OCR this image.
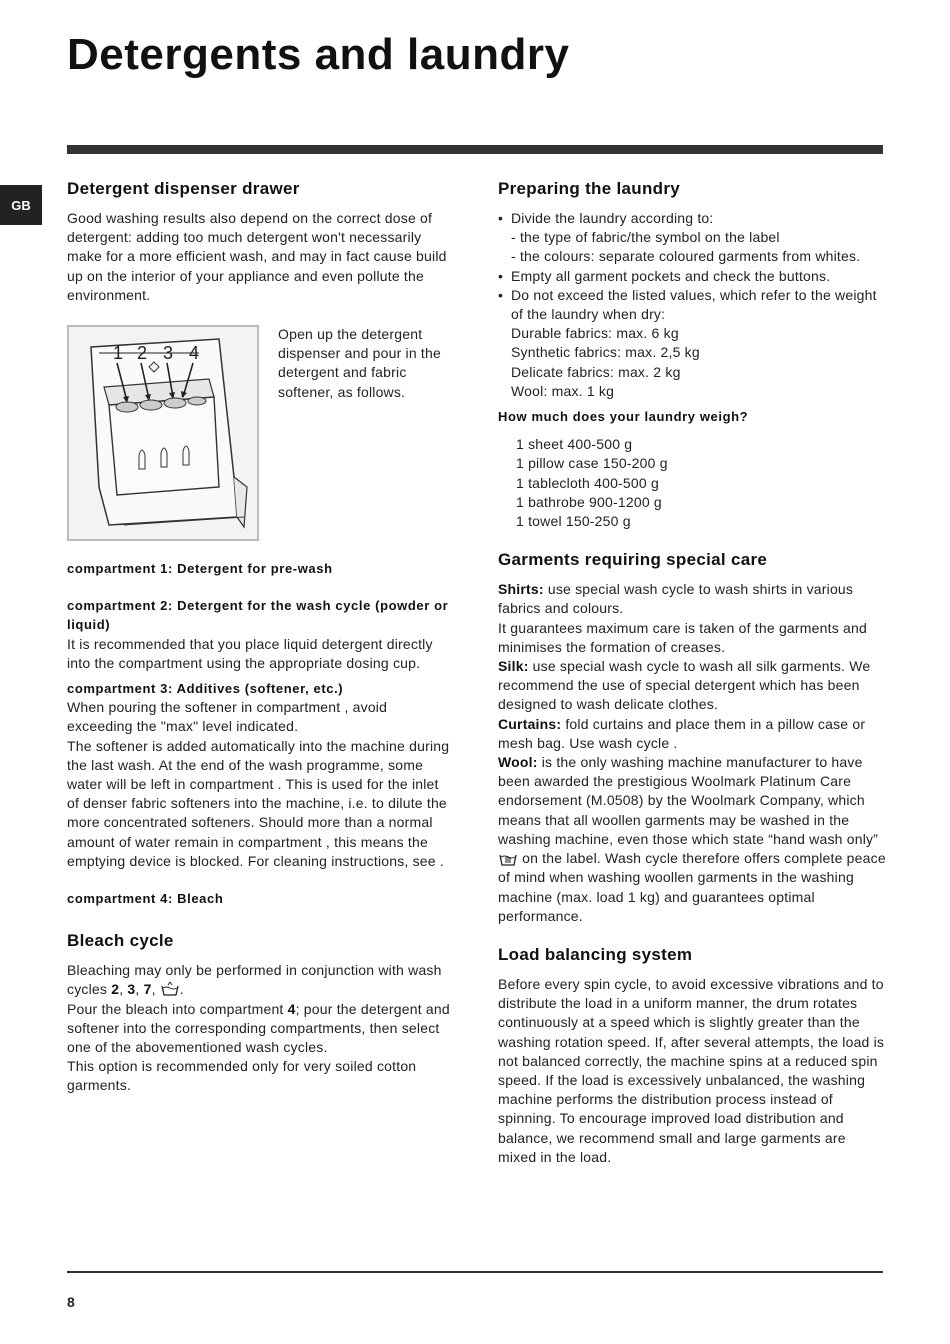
Detergents and laundry
GB
Detergent dispenser drawer

Good washing results also depend on the correct dose of detergent: adding too much detergent won't necessarily make for a more efficient wash, and may in fact cause build up on the interior of your appliance and even pollute the environment.

1 2 3 4

Open up the detergent dispenser and pour in the detergent and fabric softener, as follows.

compartment 1: Detergent for pre-wash

compartment 2: Detergent for the wash cycle (powder or liquid)

It is recommended that you place liquid detergent directly into the compartment using the appropriate dosing cup.

compartment 3: Additives (softener, etc.)

When pouring the softener in compartment , avoid exceeding the "max" level indicated.

The softener is added automatically into the machine during the last wash. At the end of the wash programme, some water will be left in compartment . This is used for the inlet of denser fabric softeners into the machine, i.e. to dilute the more concentrated softeners. Should more than a normal amount of water remain in compartment , this means the emptying device is blocked. For cleaning instructions, see .

compartment 4: Bleach

Bleach cycle

Bleaching may only be performed in conjunction with wash cycles 2, 3, 7, .

Pour the bleach into compartment 4; pour the detergent and softener into the corresponding compartments, then select one of the abovementioned wash cycles.

This option is recommended only for very soiled cotton garments.

Preparing the laundry
• Divide the laundry according to:
- the type of fabric/the symbol on the label
- the colours: separate coloured garments from whites.
• Empty all garment pockets and check the buttons.
• Do not exceed the listed values, which refer to the weight of the laundry when dry:
Durable fabrics: max. 6 kg
Synthetic fabrics: max. 2,5 kg
Delicate fabrics: max. 2 kg
Wool: max. 1 kg

How much does your laundry weigh?

1 sheet 400-500 g
1 pillow case 150-200 g
1 tablecloth 400-500 g
1 bathrobe 900-1200 g
1 towel 150-250 g
Garments requiring special care

Shirts: use special wash cycle to wash shirts in various fabrics and colours.

It guarantees maximum care is taken of the garments and minimises the formation of creases.

Silk: use special wash cycle to wash all silk garments. We recommend the use of special detergent which has been designed to wash delicate clothes.

Curtains: fold curtains and place them in a pillow case or mesh bag. Use wash cycle .

Wool: is the only washing machine manufacturer to have been awarded the prestigious Woolmark Platinum Care endorsement (M.0508) by the Woolmark Company, which means that all woollen garments may be washed in the washing machine, even those which state “hand wash only”  on the label. Wash cycle therefore offers complete peace of mind when washing woollen garments in the washing machine (max. load 1 kg) and guarantees optimal performance.

Load balancing system

Before every spin cycle, to avoid excessive vibrations and to distribute the load in a uniform manner, the drum rotates continuously at a speed which is slightly greater than the washing rotation speed. If, after several attempts, the load is not balanced correctly, the machine spins at a reduced spin speed. If the load is excessively unbalanced, the washing machine performs the distribution process instead of spinning. To encourage improved load distribution and balance, we recommend small and large garments are mixed in the load.

8
